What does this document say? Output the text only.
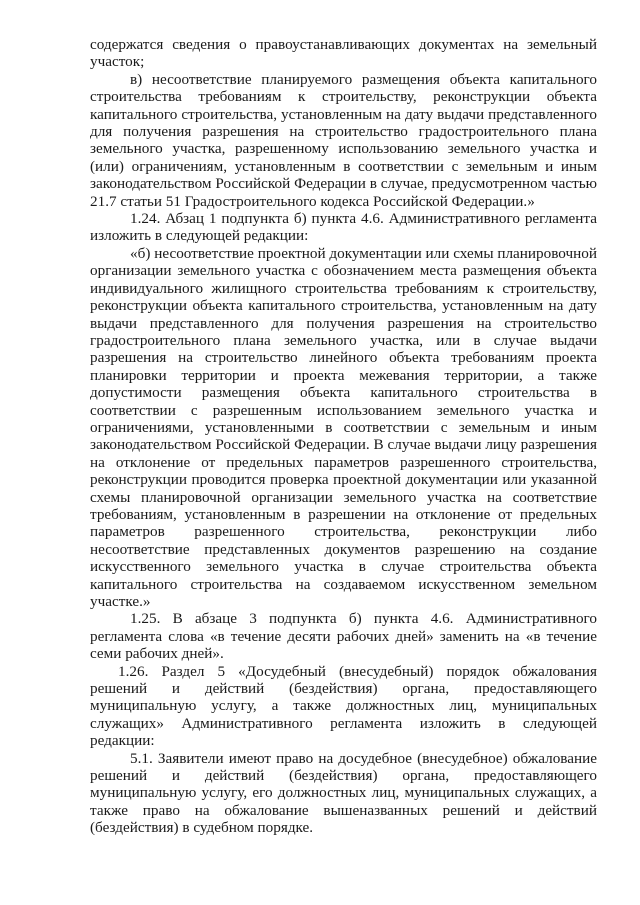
содержатся сведения о правоустанавливающих документах на земельный участок;

в) несоответствие планируемого размещения объекта капитального строительства требованиям к строительству, реконструкции объекта капитального строительства, установленным на дату выдачи представленного для получения разрешения на строительство градостроительного плана земельного участка, разрешенному использованию земельного участка и (или) ограничениям, установленным в соответствии с земельным и иным законодательством Российской Федерации в случае, предусмотренном частью 21.7 статьи 51 Градостроительного кодекса Российской Федерации.»

1.24. Абзац 1 подпункта б) пункта 4.6. Административного регламента изложить в следующей редакции:

«б) несоответствие проектной документации или схемы планировочной организации земельного участка с обозначением места размещения объекта индивидуального жилищного строительства требованиям к строительству, реконструкции объекта капитального строительства, установленным на дату выдачи представленного для получения разрешения на строительство градостроительного плана земельного участка, или в случае выдачи разрешения на строительство линейного объекта требованиям проекта планировки территории и проекта межевания территории, а также допустимости размещения объекта капитального строительства в соответствии с разрешенным использованием земельного участка и ограничениями, установленными в соответствии с земельным и иным законодательством Российской Федерации. В случае выдачи лицу разрешения на отклонение от предельных параметров разрешенного строительства, реконструкции проводится проверка проектной документации или указанной схемы планировочной организации земельного участка на соответствие требованиям, установленным в разрешении на отклонение от предельных параметров разрешенного строительства, реконструкции либо несоответствие представленных документов разрешению на создание искусственного земельного участка в случае строительства объекта капитального строительства на создаваемом искусственном земельном участке.»

1.25. В абзаце 3 подпункта б) пункта 4.6. Административного регламента слова «в течение десяти рабочих дней» заменить на «в течение семи рабочих дней».

1.26. Раздел 5 «Досудебный (внесудебный) порядок обжалования решений и действий (бездействия) органа, предоставляющего муниципальную услугу, а также должностных лиц, муниципальных служащих» Административного регламента изложить в следующей редакции:

5.1. Заявители имеют право на досудебное (внесудебное) обжалование решений и действий (бездействия) органа, предоставляющего муниципальную услугу, его должностных лиц, муниципальных служащих, а также право на обжалование вышеназванных решений и действий (бездействия) в судебном порядке.
